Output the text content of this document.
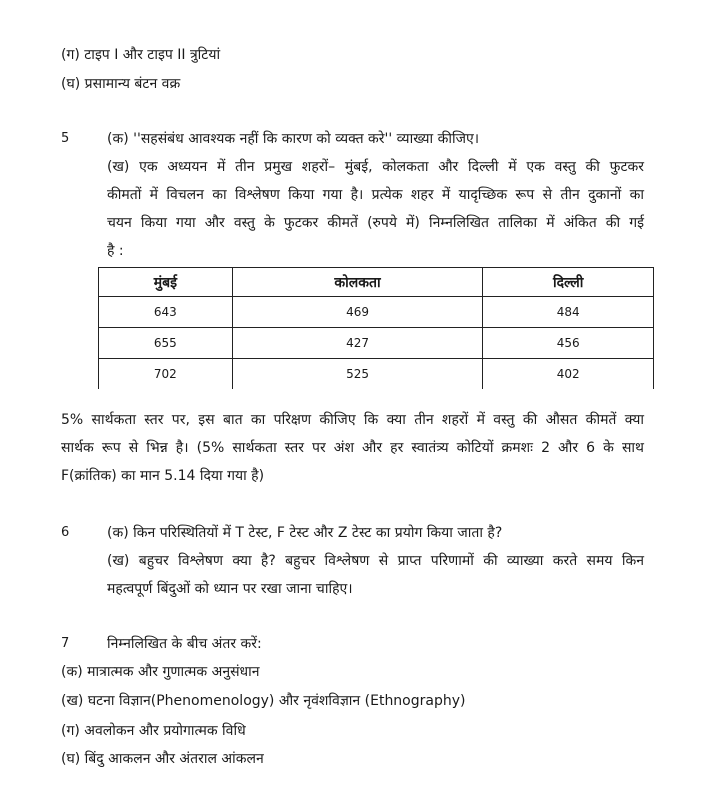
(ग) टाइप I और टाइप II त्रुटियां
(घ) प्रसामान्य बंटन वक्र
5	(क) ''सहसंबंध आवश्यक नहीं कि कारण को व्यक्त करे'' व्याख्या कीजिए।
(ख) एक अध्ययन में तीन प्रमुख शहरों– मुंबई, कोलकता और दिल्ली में एक वस्तु की फुटकर
कीमतों में विचलन का विश्लेषण किया गया है। प्रत्येक शहर में यादृच्छिक रूप से तीन दुकानों का
चयन किया गया और वस्तु के फुटकर कीमतें (रुपये में) निम्नलिखित तालिका में अंकित की गई
है :
मुंबई	कोलकता	दिल्ली
643	469	484
655	427	456
702	525	402
5% सार्थकता स्तर पर, इस बात का परिक्षण कीजिए कि क्या तीन शहरों में वस्तु की औसत कीमतें क्या
सार्थक रूप से भिन्न है। (5% सार्थकता स्तर पर अंश और हर स्वातंत्र्य कोटियों क्रमशः 2 और 6 के साथ
F(क्रांतिक) का मान 5.14 दिया गया है)
6	(क) किन परिस्थितियों में T टेस्ट, F टेस्ट और Z टेस्ट का प्रयोग किया जाता है?
(ख) बहुचर विश्लेषण क्या है? बहुचर विश्लेषण से प्राप्त परिणामों की व्याख्या करते समय किन
महत्वपूर्ण बिंदुओं को ध्यान पर रखा जाना चाहिए।
7	निम्नलिखित के बीच अंतर करें:
(क) मात्रात्मक और गुणात्मक अनुसंधान
(ख) घटना विज्ञान(Phenomenology) और नृवंशविज्ञान (Ethnography)
(ग) अवलोकन और प्रयोगात्मक विधि
(घ) बिंदु आकलन और अंतराल आंकलन
